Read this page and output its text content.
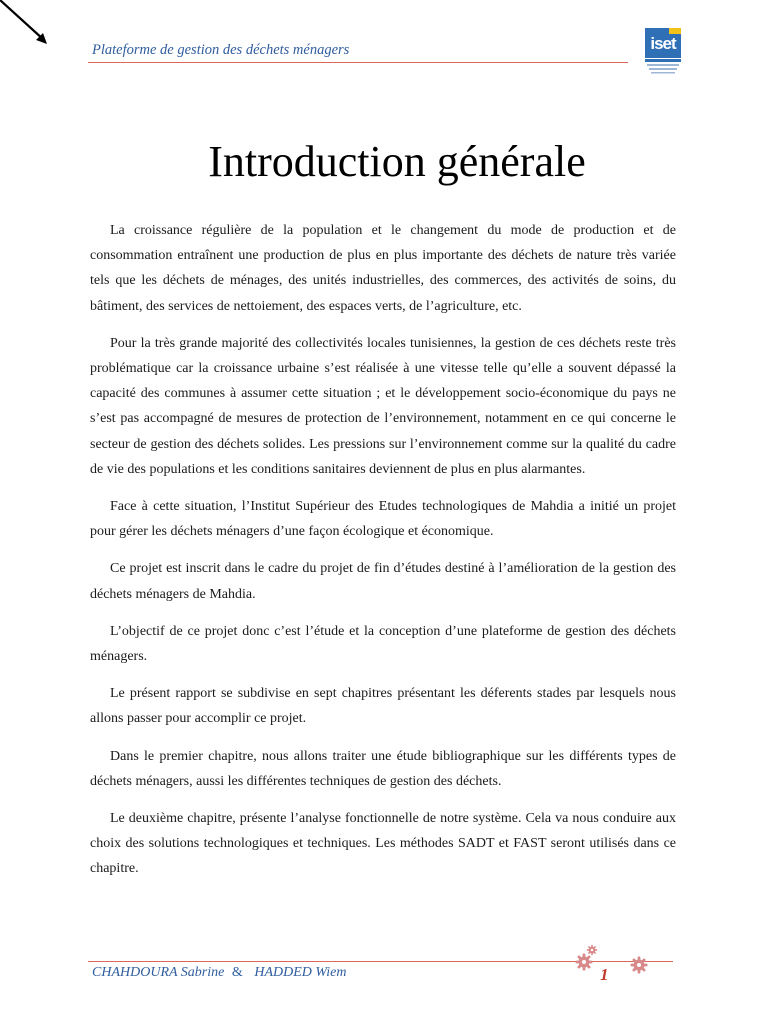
Plateforme de gestion des déchets ménagers	iset
Introduction générale

La croissance régulière de la population et le changement du mode de production et de consommation entraînent une production de plus en plus importante des déchets de nature très variée tels que les déchets de ménages, des unités industrielles, des commerces, des activités de soins, du bâtiment, des services de nettoiement, des espaces verts, de l’agriculture, etc.

Pour la très grande majorité des collectivités locales tunisiennes, la gestion de ces déchets reste très problématique car la croissance urbaine s’est réalisée à une vitesse telle qu’elle a souvent dépassé la capacité des communes à assumer cette situation ; et le développement socio-économique du pays ne s’est pas accompagné de mesures de protection de l’environnement, notamment en ce qui concerne le secteur de gestion des déchets solides. Les pressions sur l’environnement comme sur la qualité du cadre de vie des populations et les conditions sanitaires deviennent de plus en plus alarmantes.

Face à cette situation, l’Institut Supérieur des Etudes technologiques de Mahdia a initié un projet pour gérer les déchets ménagers d’une façon écologique et économique.

Ce projet est inscrit dans le cadre du projet de fin d’études destiné à l’amélioration de la gestion des déchets ménagers de Mahdia.

L’objectif de ce projet donc c’est l’étude et la conception d’une plateforme de gestion des déchets ménagers.

Le présent rapport se subdivise en sept chapitres présentant les déferents stades par lesquels nous allons passer pour accomplir ce projet.

Dans le premier chapitre, nous allons traiter une étude bibliographique sur les différents types de déchets ménagers, aussi les différentes techniques de gestion des déchets.

Le deuxième chapitre, présente l’analyse fonctionnelle de notre système. Cela va nous conduire aux choix des solutions technologiques et techniques. Les méthodes SADT et FAST seront utilisés dans ce chapitre.

CHAHDOURA Sabrine & HADDED Wiem	1
